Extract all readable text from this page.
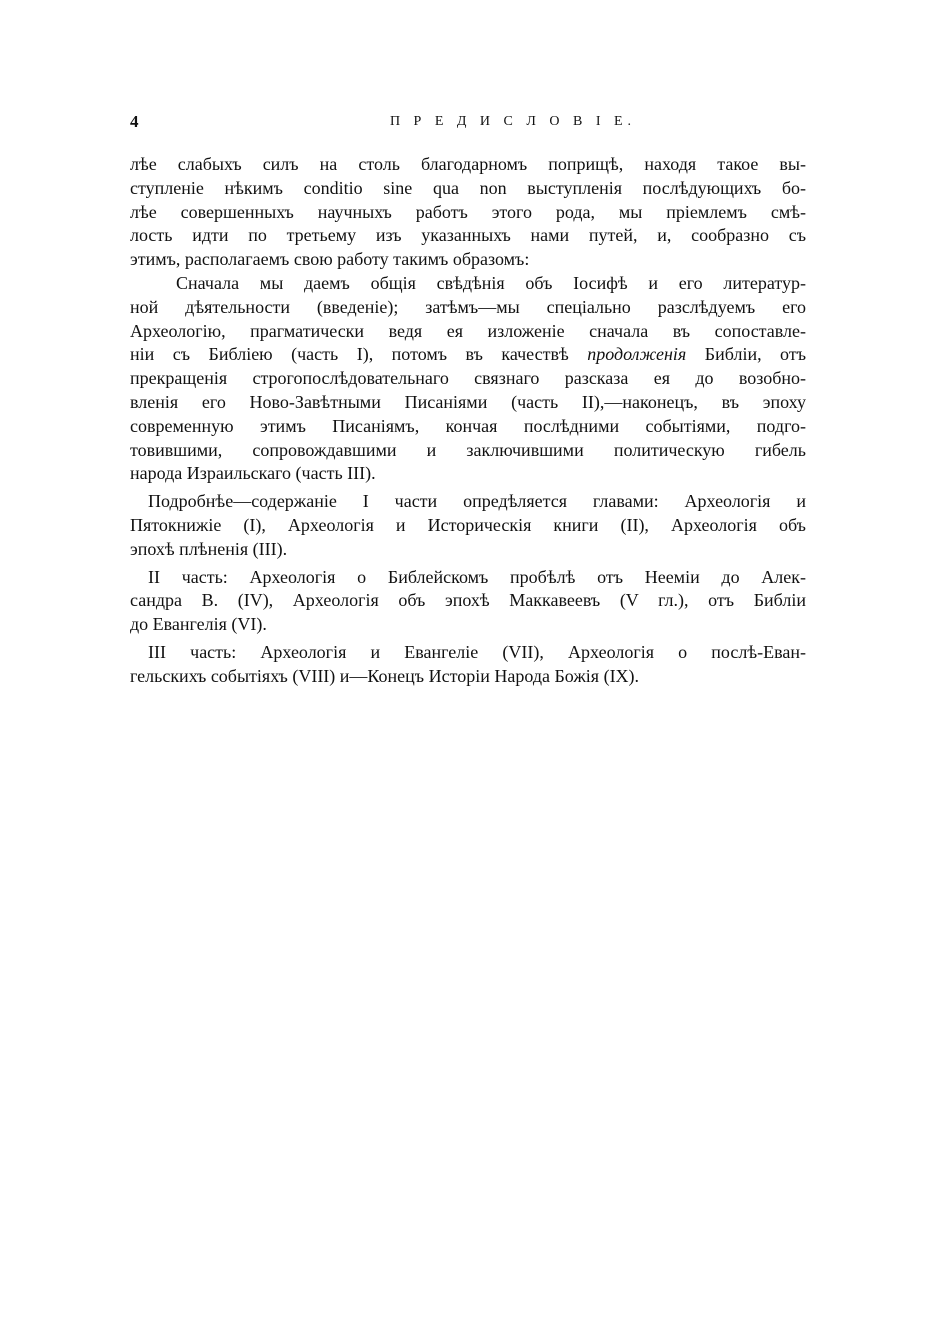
4	П Р Е Д И С Л О В І Е.
лѣе слабыхъ силъ на столь благодарномъ поприщѣ, находя такое вы-
ступленіе нѣкимъ conditio sine qua non выступленія послѣдующихъ бо-
лѣе совершенныхъ научныхъ работъ этого рода, мы пріемлемъ смѣ-
лость идти по третьему изъ указанныхъ нами путей, и, сообразно съ
этимъ, располагаемъ свою работу такимъ образомъ:
Сначала мы даемъ общія свѣдѣнія объ Іосифѣ и его литератур-
ной дѣятельности (введеніе); затѣмъ—мы спеціально разслѣдуемъ его
Археологію, прагматически ведя ея изложеніе сначала въ сопоставле-
ніи съ Библіею (часть I), потомъ въ качествѣ продолженія Библіи, отъ
прекращенія строгопослѣдовательнаго связнаго разсказа ея до возобно-
вленія его Ново-Завѣтными Писаніями (часть II),—наконецъ, въ эпоху
современную этимъ Писаніямъ, кончая послѣдними событіями, подго-
товившими, сопровождавшими и заключившими политическую гибель
народа Израильскаго (часть III).
Подробнѣе—содержаніе I части опредѣляется главами: Археологія и
Пятокнижіе (I), Археологія и Историческія книги (II), Археологія объ
эпохѣ плѣненія (III).
II часть: Археологія о Библейскомъ пробѣлѣ отъ Неемiи до Алек-
сандра В. (IV), Археологія объ эпохѣ Маккавеевъ (V гл.), отъ Библіи
до Евангелія (VI).
III часть: Археологія и Евангеліе (VII), Археологія о послѣ-Еван-
гельскихъ событіяхъ (VIII) и—Конецъ Исторіи Народа Божія (IX).
